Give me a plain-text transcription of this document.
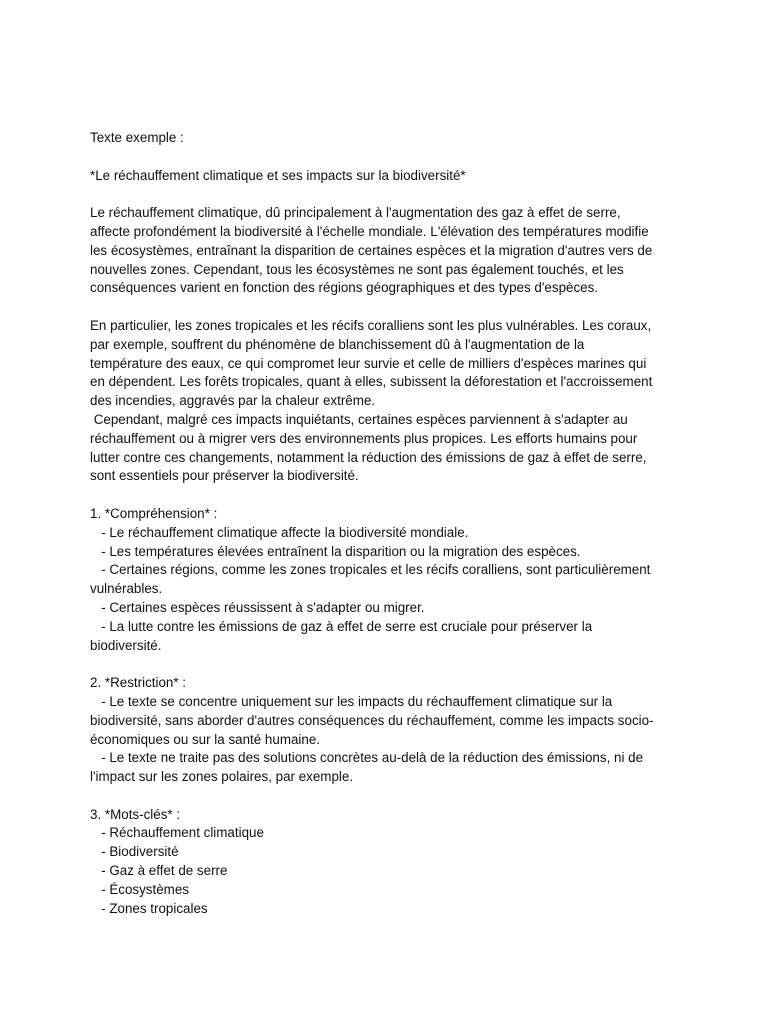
Texte exemple :

*Le réchauffement climatique et ses impacts sur la biodiversité*

Le réchauffement climatique, dû principalement à l'augmentation des gaz à effet de serre,
affecte profondément la biodiversité à l'échelle mondiale. L'élévation des températures modifie
les écosystèmes, entraînant la disparition de certaines espèces et la migration d'autres vers de
nouvelles zones. Cependant, tous les écosystèmes ne sont pas également touchés, et les
conséquences varient en fonction des régions géographiques et des types d'espèces.
En particulier, les zones tropicales et les récifs coralliens sont les plus vulnérables. Les coraux,
par exemple, souffrent du phénomène de blanchissement dû à l'augmentation de la
température des eaux, ce qui compromet leur survie et celle de milliers d'espèces marines qui
en dépendent. Les forêts tropicales, quant à elles, subissent la déforestation et l'accroissement
des incendies, aggravés par la chaleur extrême.
Cependant, malgré ces impacts inquiétants, certaines espèces parviennent à s'adapter au
réchauffement ou à migrer vers des environnements plus propices. Les efforts humains pour
lutter contre ces changements, notamment la réduction des émissions de gaz à effet de serre,
sont essentiels pour préserver la biodiversité.
1. *Compréhension* :
- Le réchauffement climatique affecte la biodiversité mondiale.
- Les températures élevées entraînent la disparition ou la migration des espèces.
- Certaines régions, comme les zones tropicales et les récifs coralliens, sont particulièrement
vulnérables.
- Certaines espèces réussissent à s'adapter ou migrer.
- La lutte contre les émissions de gaz à effet de serre est cruciale pour préserver la
biodiversité.
2. *Restriction* :
- Le texte se concentre uniquement sur les impacts du réchauffement climatique sur la
biodiversité, sans aborder d'autres conséquences du réchauffement, comme les impacts socio-
économiques ou sur la santé humaine.
- Le texte ne traite pas des solutions concrètes au-delà de la réduction des émissions, ni de
l'impact sur les zones polaires, par exemple.
3. *Mots-clés* :
- Réchauffement climatique
- Biodiversité
- Gaz à effet de serre
- Écosystèmes
- Zones tropicales
